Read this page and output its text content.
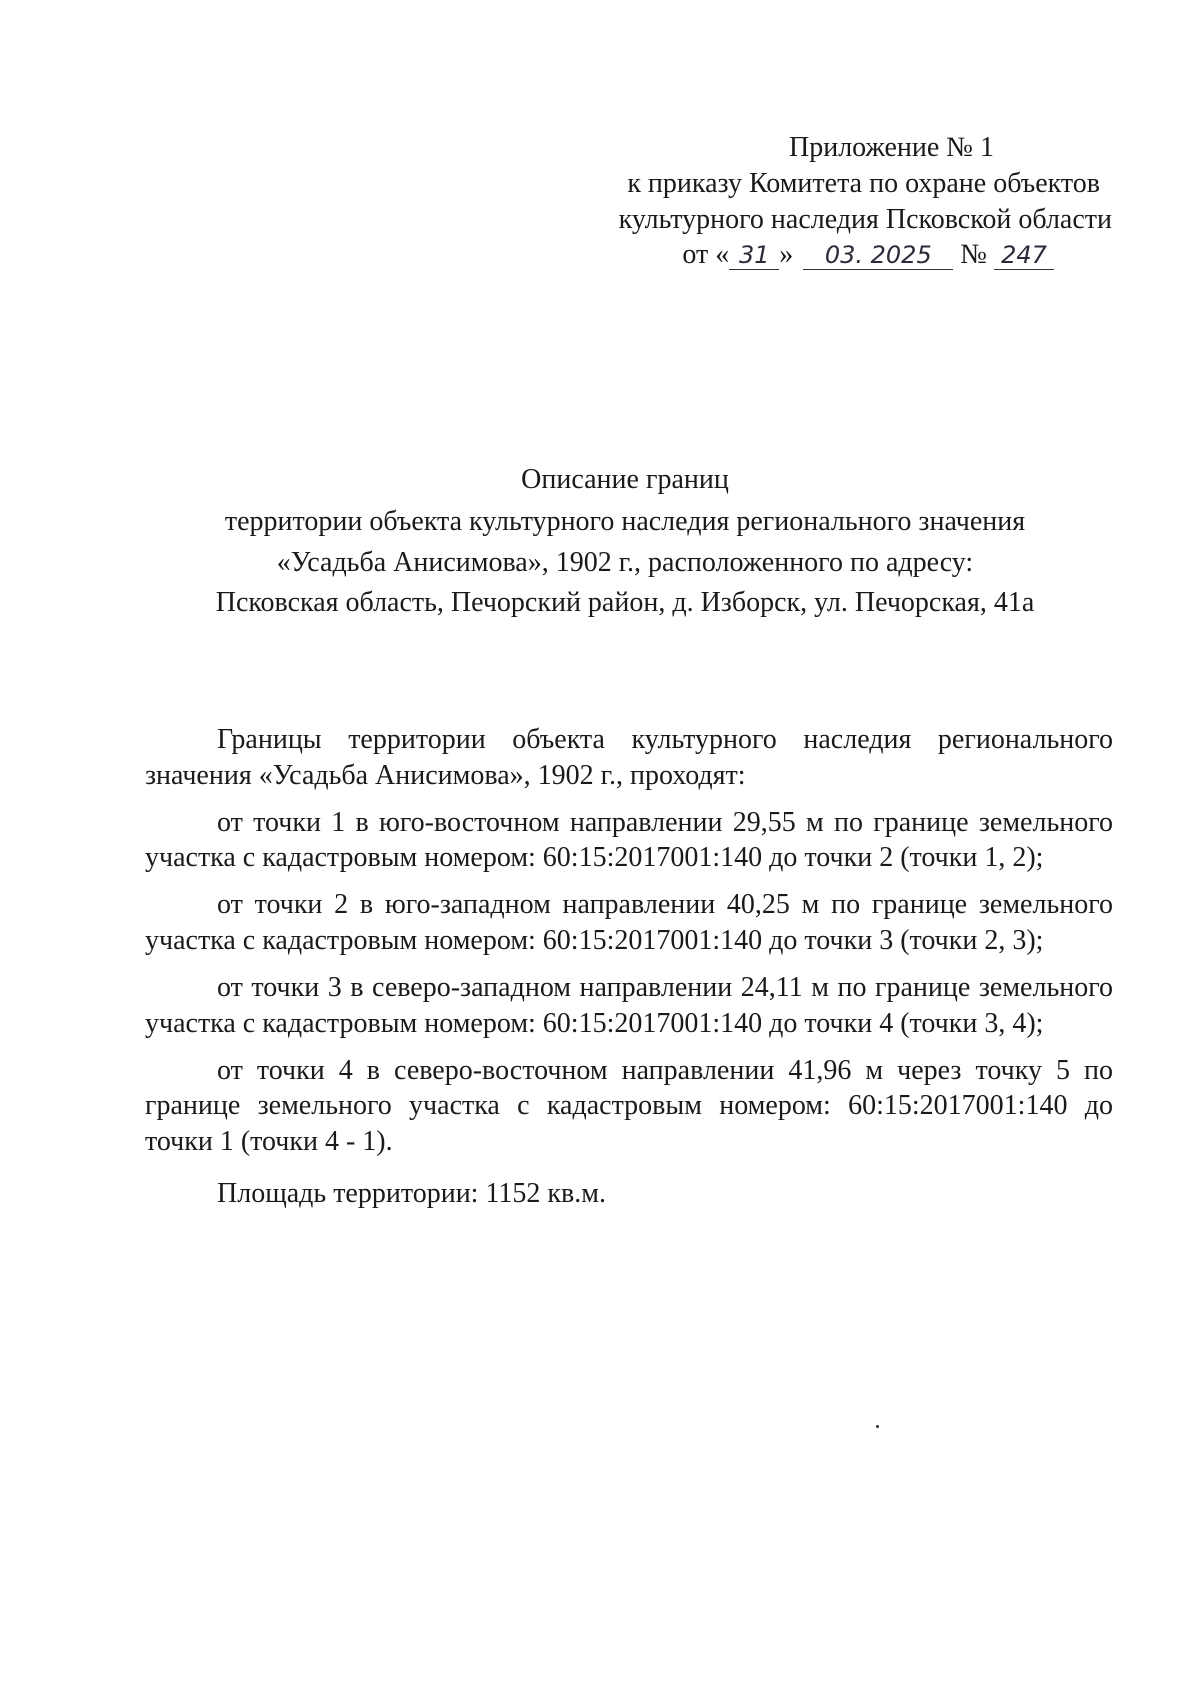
Приложение № 1
к приказу Комитета по охране объектов
культурного наследия Псковской области
от « 31 » 03. 2025 № 247
Описание границ
территории объекта культурного наследия регионального значения
«Усадьба Анисимова», 1902 г., расположенного по адресу:
Псковская область, Печорский район, д. Изборск, ул. Печорская, 41а

Границы территории объекта культурного наследия регионального значения «Усадьба Анисимова», 1902 г., проходят:

от точки 1 в юго-восточном направлении 29,55 м по границе земельного участка с кадастровым номером: 60:15:2017001:140 до точки 2 (точки 1, 2);

от точки 2 в юго-западном направлении 40,25 м по границе земельного участка с кадастровым номером: 60:15:2017001:140 до точки 3 (точки 2, 3);

от точки 3 в северо-западном направлении 24,11 м по границе земельного участка с кадастровым номером: 60:15:2017001:140 до точки 4 (точки 3, 4);

от точки 4 в северо-восточном направлении 41,96 м через точку 5 по границе земельного участка с кадастровым номером: 60:15:2017001:140 до точки 1 (точки 4 - 1).

Площадь территории: 1152 кв.м.
